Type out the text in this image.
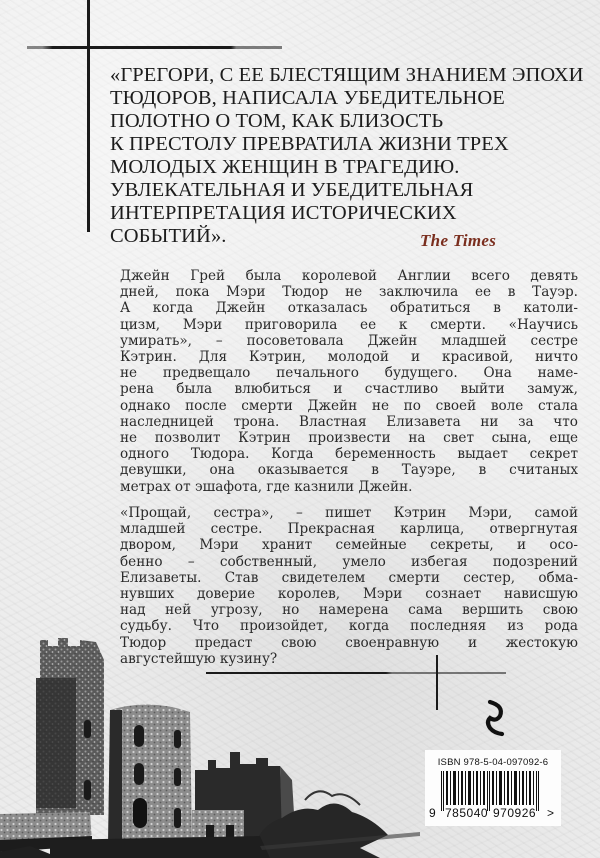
«ГРЕГОРИ, С ЕЕ БЛЕСТЯЩИМ ЗНАНИЕМ ЭПОХИ
ТЮДОРОВ, НАПИСАЛА УБЕДИТЕЛЬНОЕ
ПОЛОТНО О ТОМ, КАК БЛИЗОСТЬ
К ПРЕСТОЛУ ПРЕВРАТИЛА ЖИЗНИ ТРЕХ
МОЛОДЫХ ЖЕНЩИН В ТРАГЕДИЮ.
УВЛЕКАТЕЛЬНАЯ И УБЕДИТЕЛЬНАЯ
ИНТЕРПРЕТАЦИЯ ИСТОРИЧЕСКИХ
СОБЫТИЙ».	The Times
Джейн Грей была королевой Англии всего девять
дней, пока Мэри Тюдор не заключила ее в Тауэр.
А когда Джейн отказалась обратиться в католи-
цизм, Мэри приговорила ее к смерти. «Научись
умирать», – посоветовала Джейн младшей сестре
Кэтрин. Для Кэтрин, молодой и красивой, ничто
не предвещало печального будущего. Она наме-
рена была влюбиться и счастливо выйти замуж,
однако после смерти Джейн не по своей воле стала
наследницей трона. Властная Елизавета ни за что
не позволит Кэтрин произвести на свет сына, еще
одного Тюдора. Когда беременность выдает секрет
девушки, она оказывается в Тауэре, в считаных
метрах от эшафота, где казнили Джейн.
«Прощай, сестра», – пишет Кэтрин Мэри, самой
младшей сестре. Прекрасная карлица, отвергнутая
двором, Мэри хранит семейные секреты, и осо-
бенно – собственный, умело избегая подозрений
Елизаветы. Став свидетелем смерти сестер, обма-
нувших доверие королев, Мэри сознает нависшую
над ней угрозу, но намерена сама вершить свою
судьбу. Что произойдет, когда последняя из рода
Тюдор предаст свою своенравную и жестокую
августейшую кузину?
ISBN 978-5-04-097092-6
9 785040 970926 >
